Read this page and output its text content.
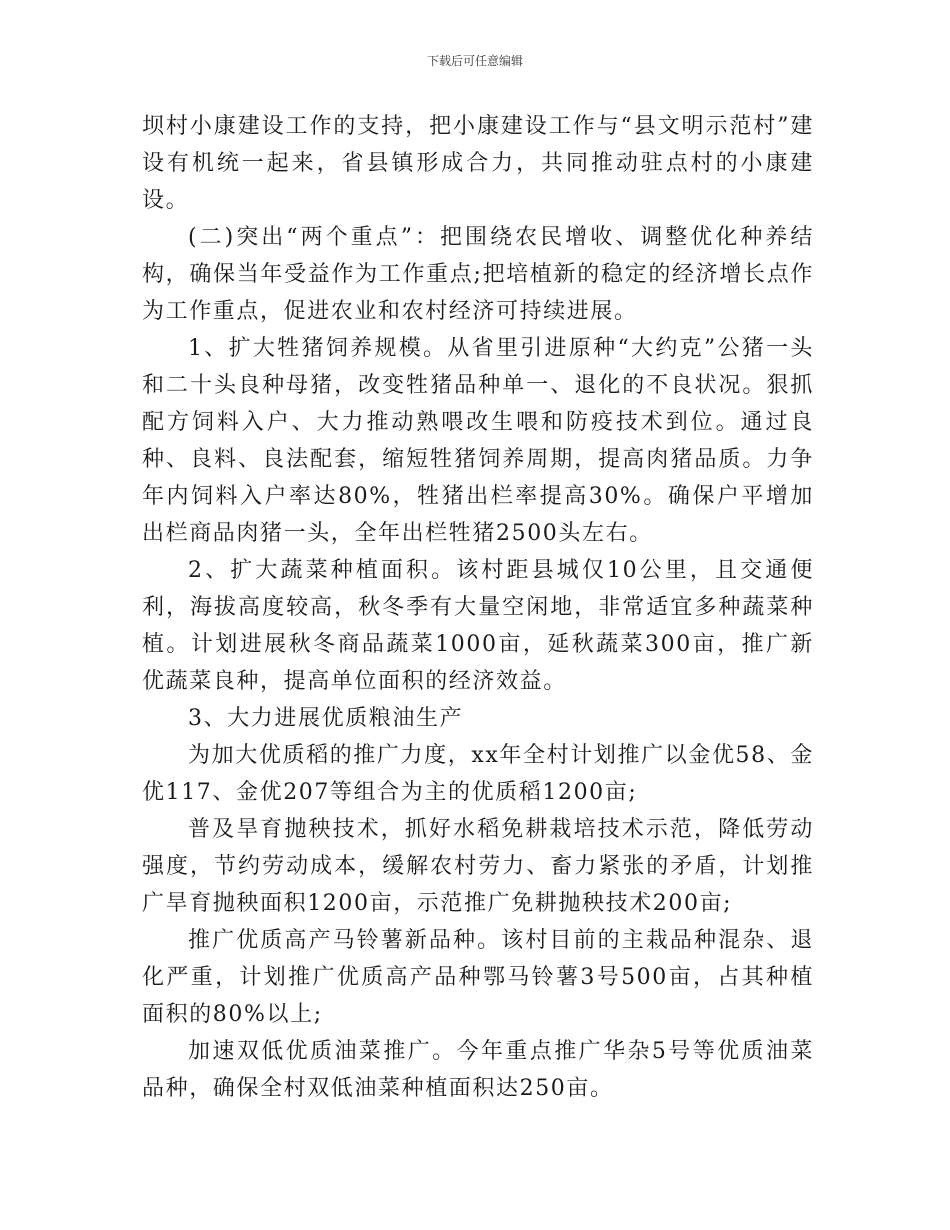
下载后可任意编辑

坝村小康建设工作的支持，把小康建设工作与“县文明示范村”建设有机统一起来，省县镇形成合力，共同推动驻点村的小康建设。

(二)突出“两个重点”：把围绕农民增收、调整优化种养结构，确保当年受益作为工作重点;把培植新的稳定的经济增长点作为工作重点，促进农业和农村经济可持续进展。

1、扩大牲猪饲养规模。从省里引进原种“大约克”公猪一头和二十头良种母猪，改变牲猪品种单一、退化的不良状况。狠抓配方饲料入户、大力推动熟喂改生喂和防疫技术到位。通过良种、良料、良法配套，缩短牲猪饲养周期，提高肉猪品质。力争年内饲料入户率达80%，牲猪出栏率提高30%。确保户平增加出栏商品肉猪一头，全年出栏牲猪2500头左右。

2、扩大蔬菜种植面积。该村距县城仅10公里，且交通便利，海拔高度较高，秋冬季有大量空闲地，非常适宜多种蔬菜种植。计划进展秋冬商品蔬菜1000亩，延秋蔬菜300亩，推广新优蔬菜良种，提高单位面积的经济效益。

3、大力进展优质粮油生产

为加大优质稻的推广力度，xx年全村计划推广以金优58、金优117、金优207等组合为主的优质稻1200亩;

普及旱育抛秧技术，抓好水稻免耕栽培技术示范，降低劳动强度，节约劳动成本，缓解农村劳力、畜力紧张的矛盾，计划推广旱育抛秧面积1200亩，示范推广免耕抛秧技术200亩;

推广优质高产马铃薯新品种。该村目前的主栽品种混杂、退化严重，计划推广优质高产品种鄂马铃薯3号500亩，占其种植面积的80%以上;

加速双低优质油菜推广。今年重点推广华杂5号等优质油菜品种，确保全村双低油菜种植面积达250亩。
